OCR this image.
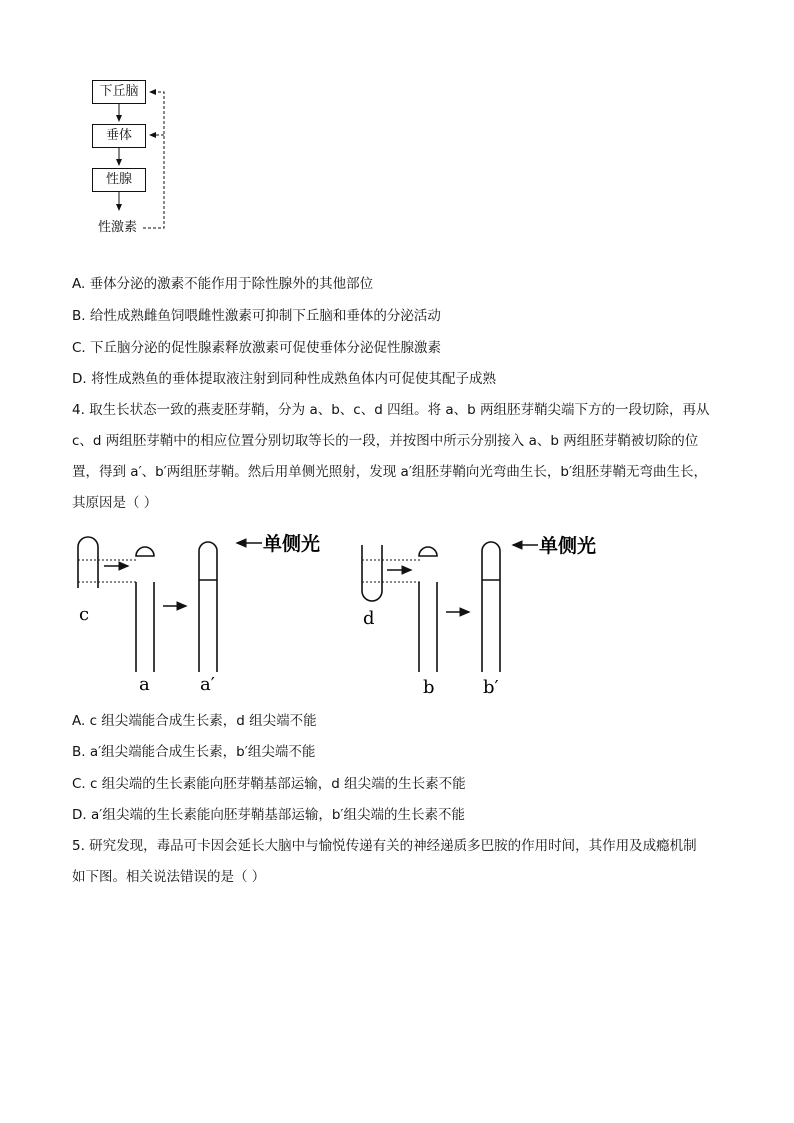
下丘脑
垂体
性腺
性激素
A. 垂体分泌的激素不能作用于除性腺外的其他部位
B. 给性成熟雌鱼饲喂雌性激素可抑制下丘脑和垂体的分泌活动
C. 下丘脑分泌的促性腺素释放激素可促使垂体分泌促性腺激素
D. 将性成熟鱼的垂体提取液注射到同种性成熟鱼体内可促使其配子成熟
4. 取生长状态一致的燕麦胚芽鞘，分为 a、b、c、d 四组。将 a、b 两组胚芽鞘尖端下方的一段切除，再从
c、d 两组胚芽鞘中的相应位置分别切取等长的一段，并按图中所示分别接入 a、b 两组胚芽鞘被切除的位
置，得到 a′、b′两组胚芽鞘。然后用单侧光照射，发现 a′组胚芽鞘向光弯曲生长，b′组胚芽鞘无弯曲生长，
其原因是（ ）
单侧光	单侧光
c
a	a′
d
b	b′
A. c 组尖端能合成生长素，d 组尖端不能
B. a′组尖端能合成生长素，b′组尖端不能
C. c 组尖端的生长素能向胚芽鞘基部运输，d 组尖端的生长素不能
D. a′组尖端的生长素能向胚芽鞘基部运输，b′组尖端的生长素不能
5. 研究发现，毒品可卡因会延长大脑中与愉悦传递有关的神经递质多巴胺的作用时间，其作用及成瘾机制
如下图。相关说法错误的是（ ）
